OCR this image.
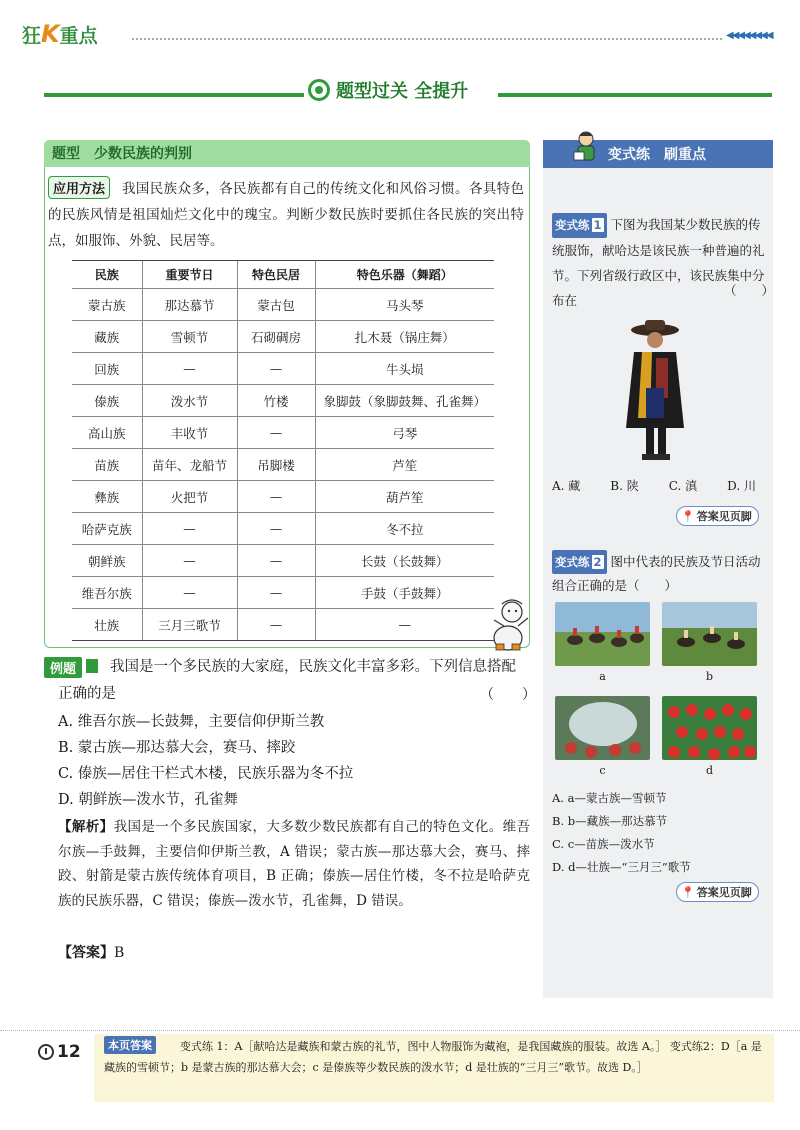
狂K重点	◀◀◀◀◀◀◀◀
题型过关 全提升
题型　少数民族的判别
我国民族众多，各民族都有自己的传统文化和风俗习惯。各具特色的民族风情是祖国灿烂文化中的瑰宝。判断少数民族时要抓住各民族的突出特点，如服饰、外貌、民居等。
应用方法
民族	重要节日	特色民居	特色乐器（舞蹈）
蒙古族	那达慕节	蒙古包	马头琴
藏族	雪顿节	石砌碉房	扎木聂（锅庄舞）
回族	—	—	牛头埙
傣族	泼水节	竹楼	象脚鼓（象脚鼓舞、孔雀舞）
高山族	丰收节	—	弓琴
苗族	苗年、龙船节	吊脚楼	芦笙
彝族	火把节	—	葫芦笙
哈萨克族	—	—	冬不拉
朝鲜族	—	—	长鼓（长鼓舞）
维吾尔族	—	—	手鼓（手鼓舞）
壮族	三月三歌节	—	—
我国是一个多民族的大家庭，民族文化丰富多彩。下列信息搭配正确的是
例题
（　　）
A. 维吾尔族—长鼓舞，主要信仰伊斯兰教
B. 蒙古族—那达慕大会，赛马、摔跤
C. 傣族—居住干栏式木楼，民族乐器为冬不拉
D. 朝鲜族—泼水节，孔雀舞
【解析】我国是一个多民族国家，大多数少数民族都有自己的特色文化。维吾尔族—手鼓舞，主要信仰伊斯兰教，A 错误；蒙古族—那达慕大会，赛马、摔跤、射箭是蒙古族传统体育项目，B 正确；傣族—居住竹楼，冬不拉是哈萨克族的民族乐器，C 错误；傣族—泼水节，孔雀舞，D 错误。
【答案】B
变式练　刷重点
变式练 1 下图为我国某少数民族的传统服饰，献哈达是该民族一种普遍的礼节。下列省级行政区中，该民族集中分布在
（　　）
A. 藏	B. 陕	C. 滇	D. 川
📍 答案见页脚
变式练 2 图中代表的民族及节日活动组合正确的是（　　）
a	b
c	d
A. a—蒙古族—雪顿节
B. b—藏族—那达慕节
C. c—苗族—泼水节
D. d—壮族—“三月三”歌节
📍 答案见页脚
12	变式练 1：A［献哈达是藏族和蒙古族的礼节，图中人物服饰为藏袍，是我国藏族的服装。故选 A。］ 变式练2：D［a 是藏族的雪顿节；b 是蒙古族的那达慕大会；c 是傣族等少数民族的泼水节；d 是壮族的“三月三”歌节。故选 D。］
本页答案
